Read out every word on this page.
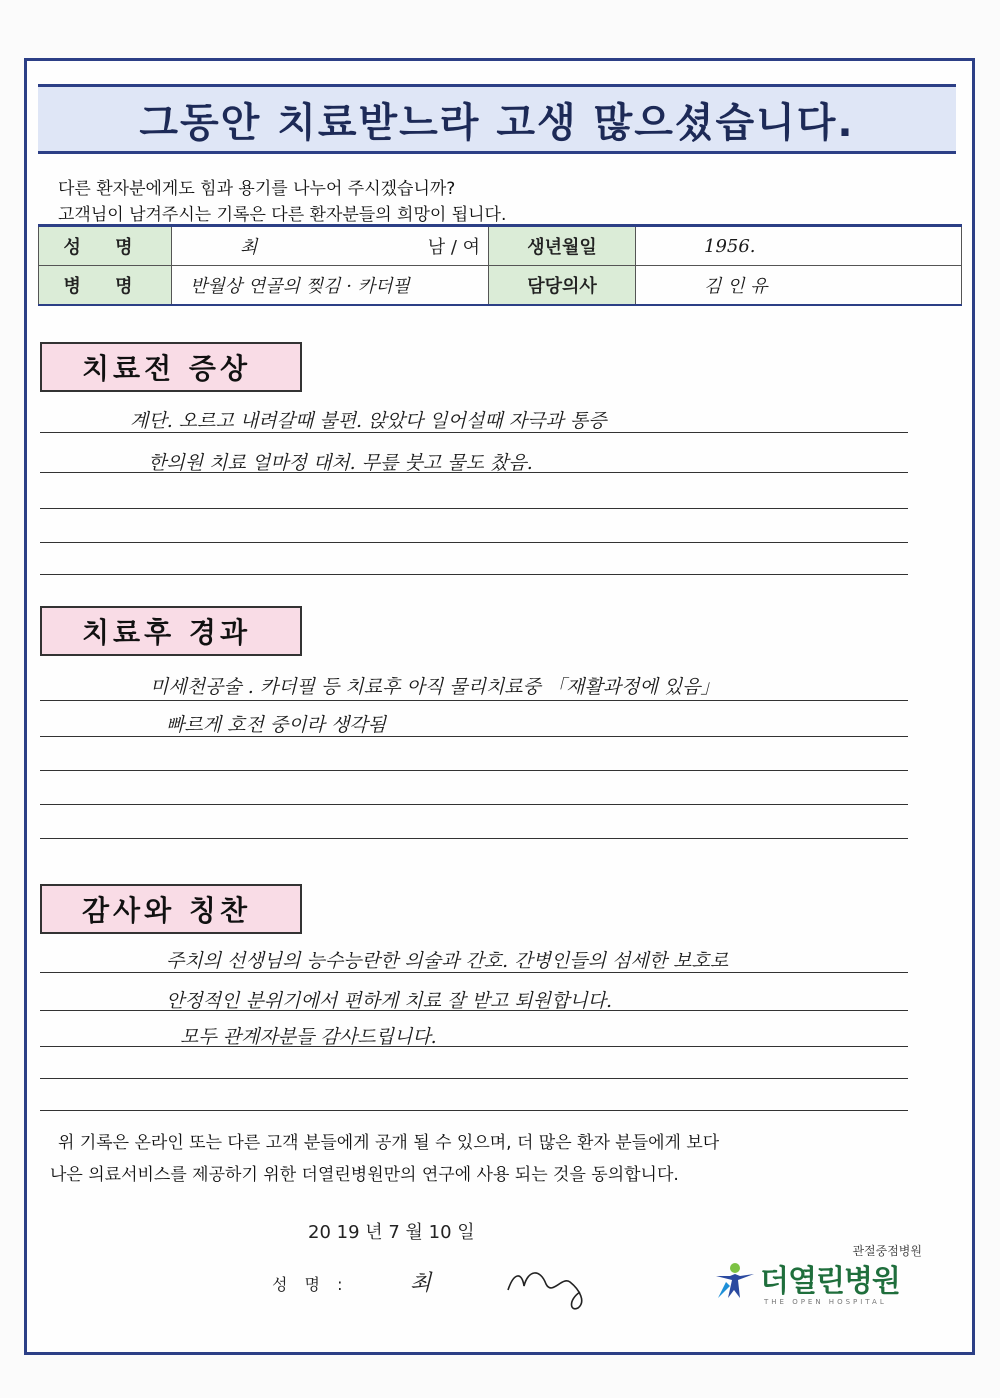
그동안 치료받느라 고생 많으셨습니다.
다른 환자분에게도 힘과 용기를 나누어 주시겠습니까?
고객님이 남겨주시는 기록은 다른 환자분들의 희망이 됩니다.
성 명	최 남 / 여	생년월일	1956.
병 명	반월상 연골의 찢김 · 카더필	담당의사	김 인 유
치료전 증상
계단. 오르고 내려갈때 불편. 앉았다 일어설때 자극과 통증
한의원 치료 얼마정 대처. 무릎 붓고 물도 찼음.
치료후 경과
미세천공술 . 카더필 등 치료후 아직 물리치료중 「재활과정에 있음」
빠르게 호전 중이라 생각됨
감사와 칭찬
주치의 선생님의 능수능란한 의술과 간호. 간병인들의 섬세한 보호로
안정적인 분위기에서 편하게 치료 잘 받고 퇴원합니다.
모두 관계자분들 감사드립니다.
위 기록은 온라인 또는 다른 고객 분들에게 공개 될 수 있으며, 더 많은 환자 분들에게 보다
나은 의료서비스를 제공하기 위한 더열린병원만의 연구에 사용 되는 것을 동의합니다.
20 19 년 7 월 10 일
성 명 :	최
관절중점병원
더열린병원
THE OPEN HOSPITAL
